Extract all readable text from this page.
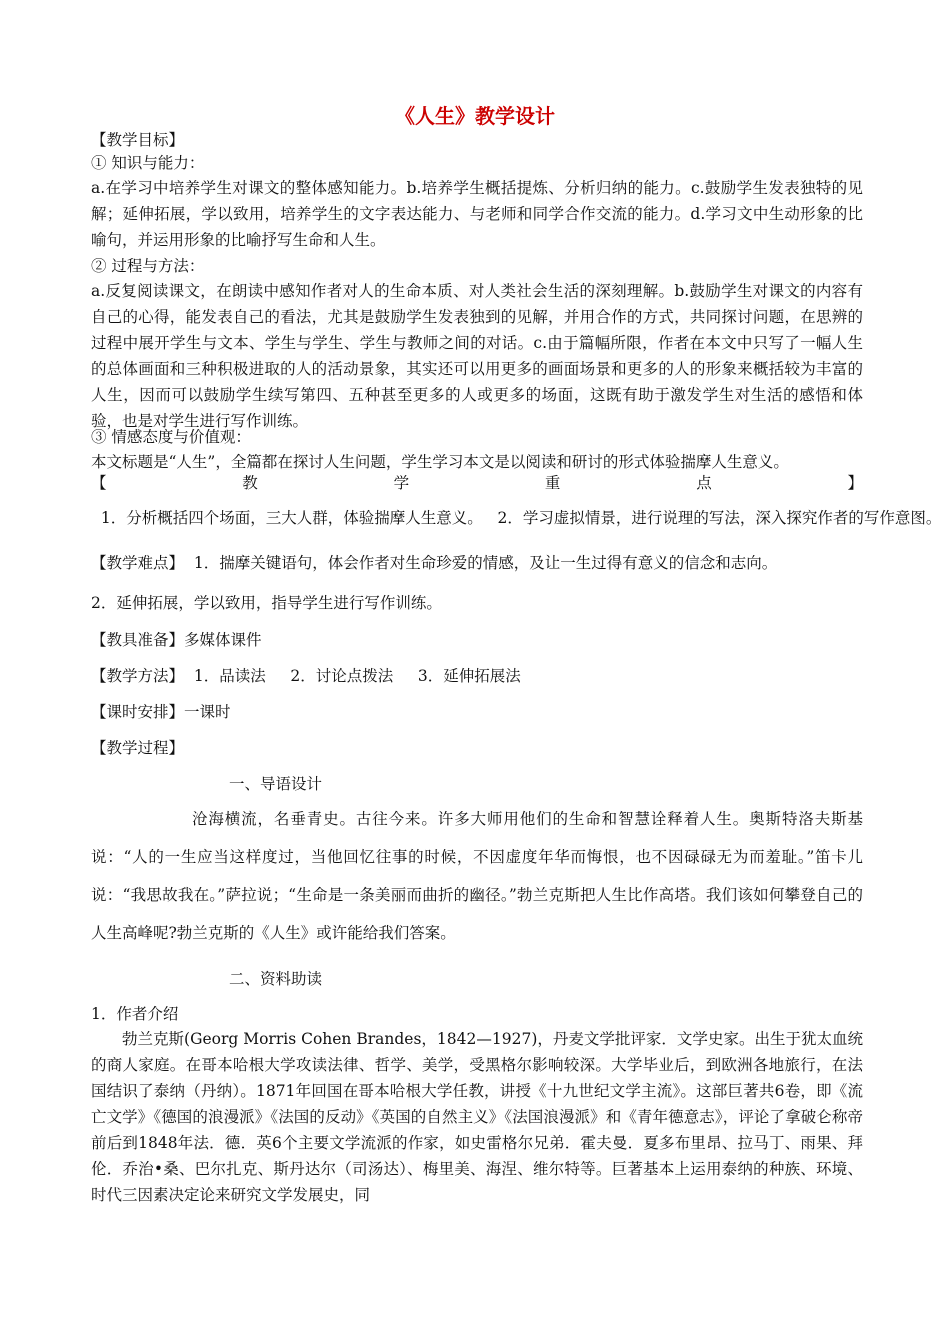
《人生》教学设计

【教学目标】

① 知识与能力：

a.在学习中培养学生对课文的整体感知能力。b.培养学生概括提炼、分析归纳的能力。c.鼓励学生发表独特的见解；延伸拓展，学以致用，培养学生的文字表达能力、与老师和同学合作交流的能力。d.学习文中生动形象的比喻句，并运用形象的比喻抒写生命和人生。

② 过程与方法：

a.反复阅读课文，在朗读中感知作者对人的生命本质、对人类社会生活的深刻理解。b.鼓励学生对课文的内容有自己的心得，能发表自己的看法，尤其是鼓励学生发表独到的见解，并用合作的方式，共同探讨问题，在思辨的过程中展开学生与文本、学生与学生、学生与教师之间的对话。c.由于篇幅所限，作者在本文中只写了一幅人生的总体画面和三种积极进取的人的活动景象，其实还可以用更多的画面场景和更多的人的形象来概括较为丰富的人生，因而可以鼓励学生续写第四、五种甚至更多的人或更多的场面，这既有助于激发学生对生活的感悟和体验，也是对学生进行写作训练。

③ 情感态度与价值观：

本文标题是“人生”，全篇都在探讨人生问题，学生学习本文是以阅读和研讨的形式体验揣摩人生意义。

【教学重点】  1．分析概括四个场面，三大人群，体验揣摩人生意义。   2．学习虚拟情景，进行说理的写法，深入探究作者的写作意图。

【教学难点】  1．揣摩关键语句，体会作者对生命珍爱的情感，及让一生过得有意义的信念和志向。

2．延伸拓展，学以致用，指导学生进行写作训练。

【教具准备】多媒体课件

【教学方法】  1．品读法     2．讨论点拨法     3．延伸拓展法

【课时安排】一课时

【教学过程】

一、导语设计

沧海横流，名垂青史。古往今来。许多大师用他们的生命和智慧诠释着人生。奥斯特洛夫斯基说：“人的一生应当这样度过，当他回忆往事的时候，不因虚度年华而悔恨，也不因碌碌无为而羞耻。”笛卡儿说：“我思故我在。”萨拉说；“生命是一条美丽而曲折的幽径。”勃兰克斯把人生比作高塔。我们该如何攀登自己的人生高峰呢?勃兰克斯的《人生》或许能给我们答案。

二、资料助读

1．作者介绍

勃兰克斯(Georg Morris Cohen Brandes，1842—1927)，丹麦文学批评家．文学史家。出生于犹太血统的商人家庭。在哥本哈根大学攻读法律、哲学、美学，受黑格尔影响较深。大学毕业后，到欧洲各地旅行，在法国结识了泰纳（丹纳）。1871年回国在哥本哈根大学任教，讲授《十九世纪文学主流》。这部巨著共6卷，即《流亡文学》《德国的浪漫派》《法国的反动》《英国的自然主义》《法国浪漫派》和《青年德意志》，评论了拿破仑称帝前后到1848年法．德．英6个主要文学流派的作家，如史雷格尔兄弟．霍夫曼．夏多布里昂、拉马丁、雨果、拜伦．乔治•桑、巴尔扎克、斯丹达尔（司汤达）、梅里美、海涅、维尔特等。巨著基本上运用泰纳的种族、环境、时代三因素决定论来研究文学发展史，同
